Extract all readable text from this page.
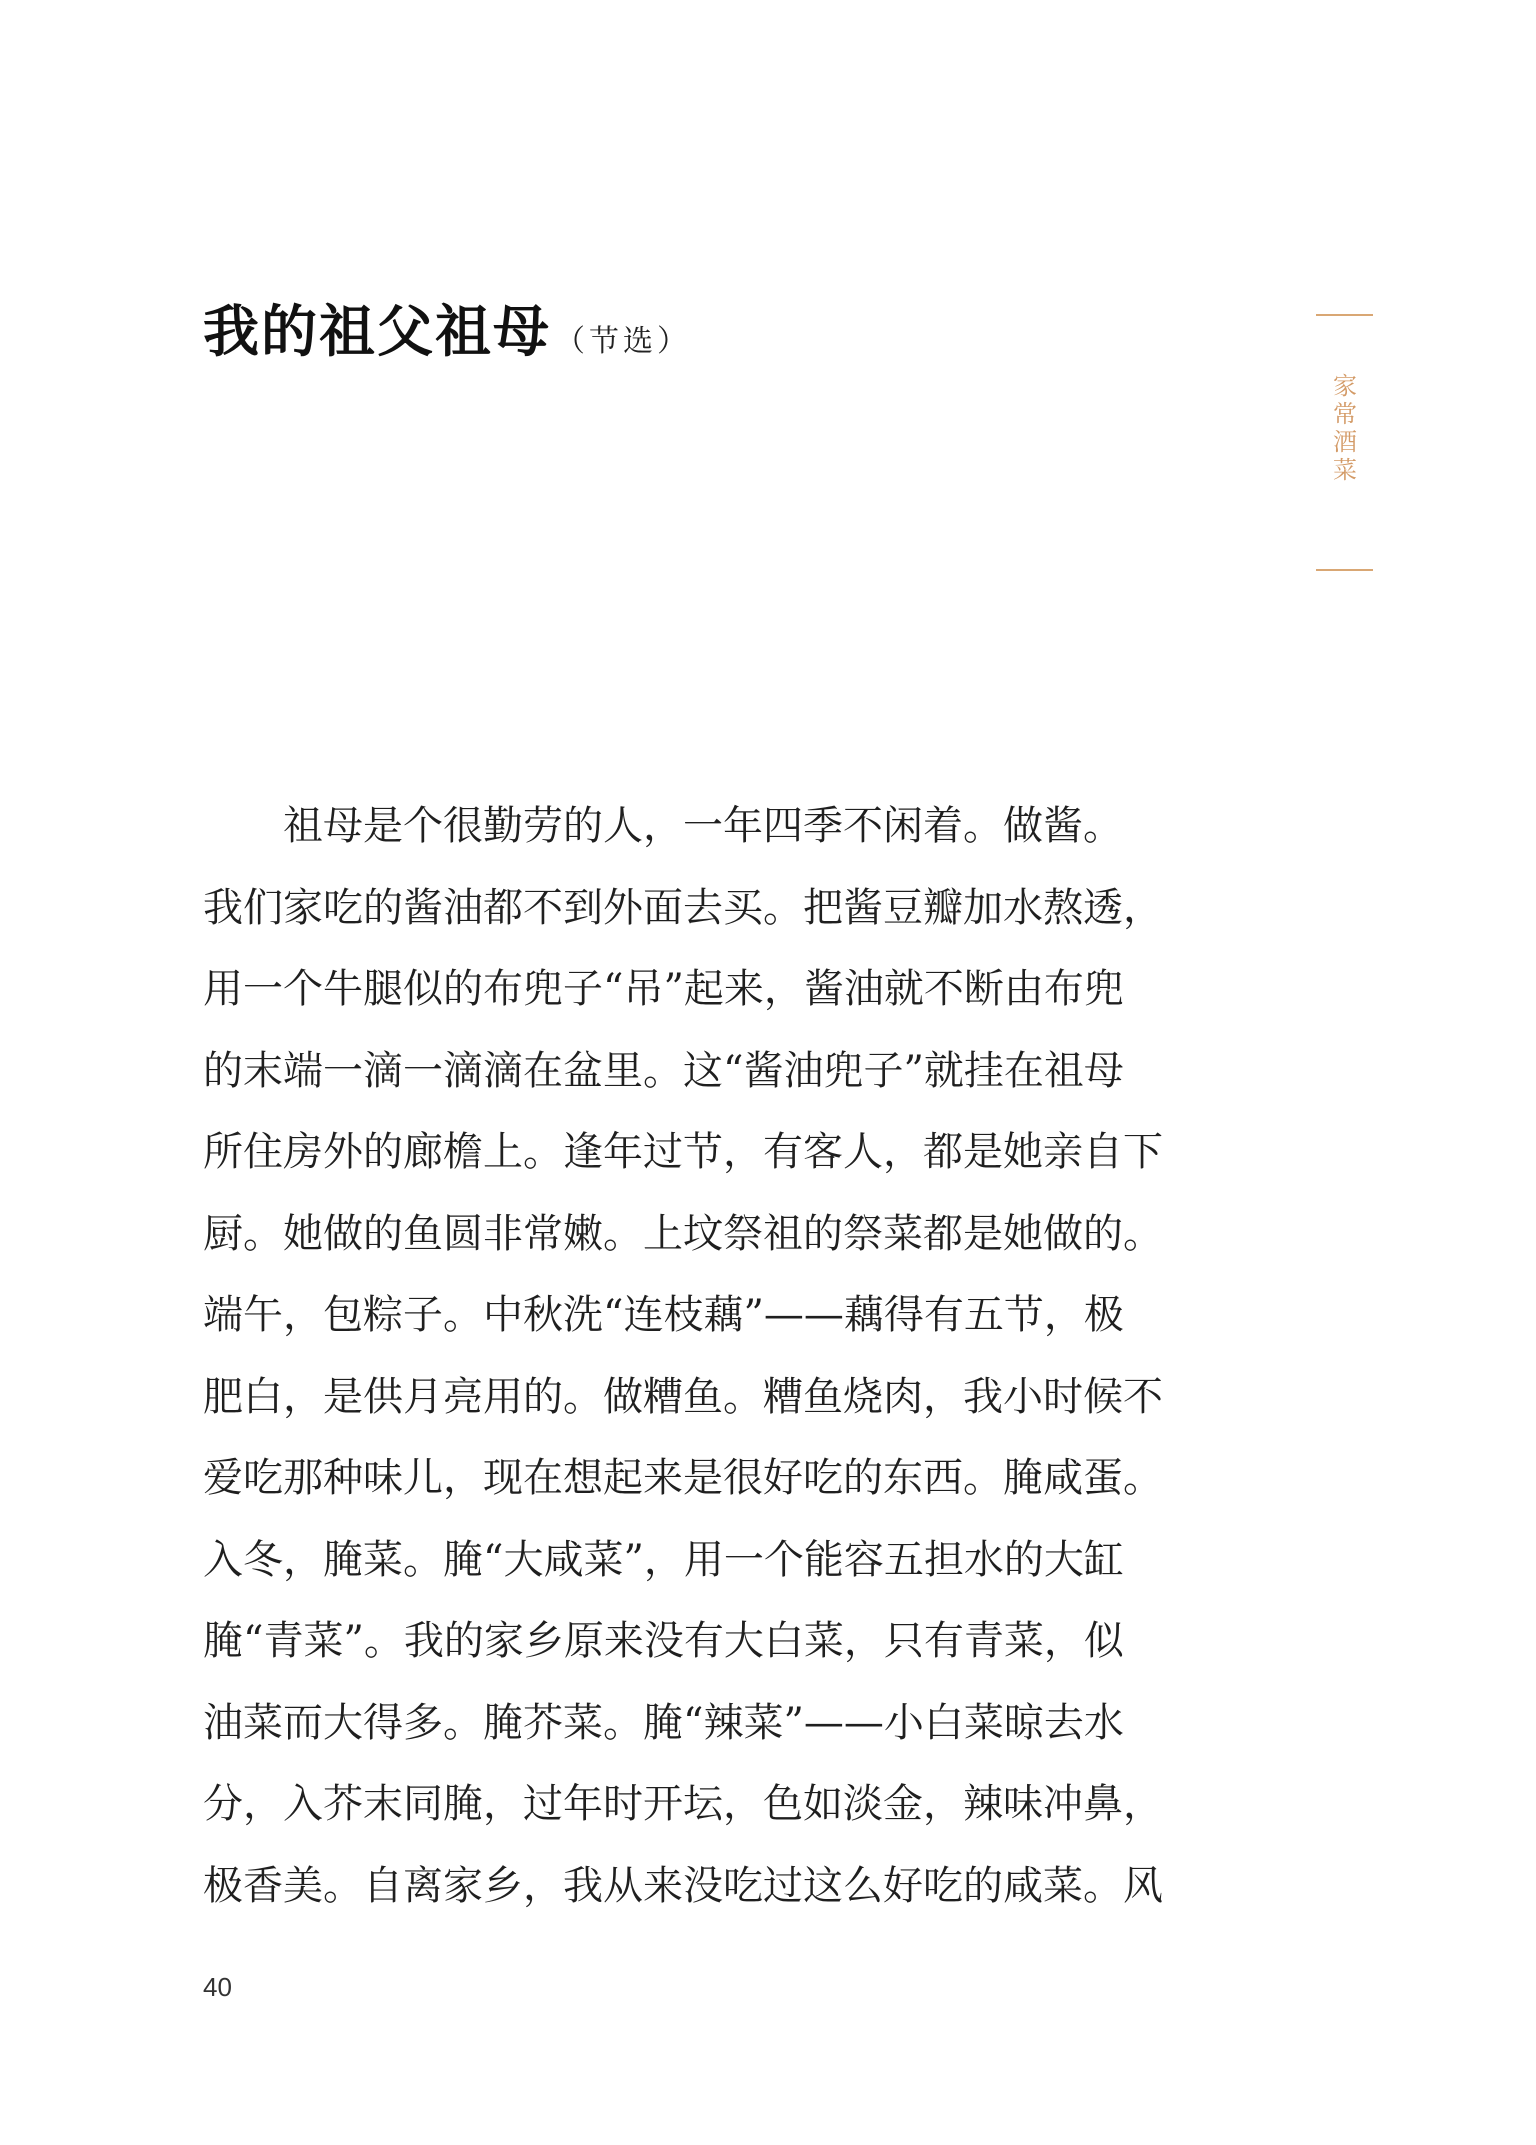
我的祖父祖母 （节选）
家常酒菜
祖母是个很勤劳的人，一年四季不闲着。做酱。
我们家吃的酱油都不到外面去买。把酱豆瓣加水熬透，
用一个牛腿似的布兜子“吊”起来，酱油就不断由布兜
的末端一滴一滴滴在盆里。这“酱油兜子”就挂在祖母
所住房外的廊檐上。逢年过节，有客人，都是她亲自下
厨。她做的鱼圆非常嫩。上坟祭祖的祭菜都是她做的。
端午，包粽子。中秋洗“连枝藕”——藕得有五节，极
肥白，是供月亮用的。做糟鱼。糟鱼烧肉，我小时候不
爱吃那种味儿，现在想起来是很好吃的东西。腌咸蛋。
入冬，腌菜。腌“大咸菜”，用一个能容五担水的大缸
腌“青菜”。我的家乡原来没有大白菜，只有青菜，似
油菜而大得多。腌芥菜。腌“辣菜”——小白菜晾去水
分，入芥末同腌，过年时开坛，色如淡金，辣味冲鼻，
极香美。自离家乡，我从来没吃过这么好吃的咸菜。风
40
